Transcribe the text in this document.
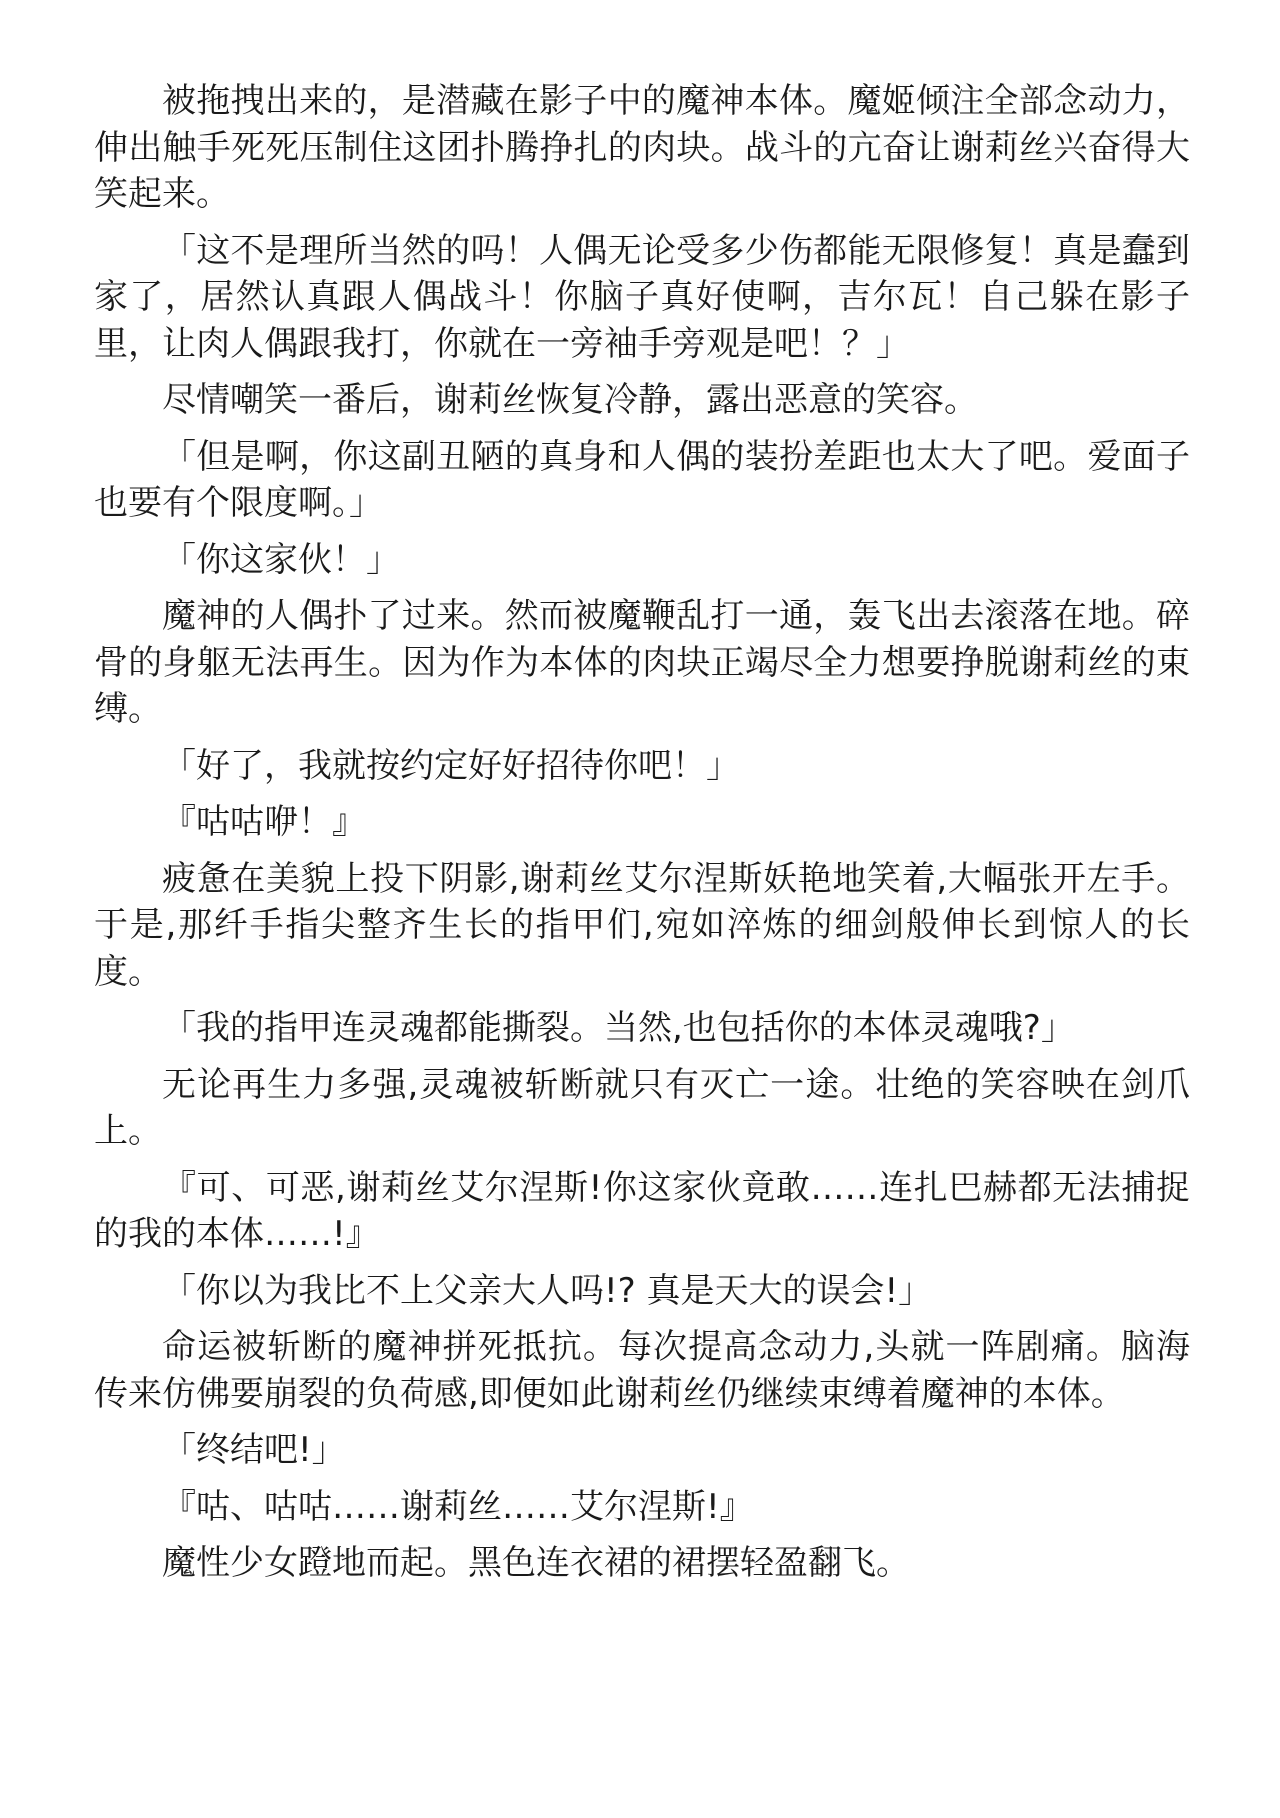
被拖拽出来的，是潜藏在影子中的魔神本体。魔姬倾注全部念动力，伸出触手死死压制住这团扑腾挣扎的肉块。战斗的亢奋让谢莉丝兴奋得大笑起来。

「这不是理所当然的吗！人偶无论受多少伤都能无限修复！真是蠢到家了，居然认真跟人偶战斗！你脑子真好使啊，吉尔瓦！自己躲在影子里，让肉人偶跟我打，你就在一旁袖手旁观是吧！？」

尽情嘲笑一番后，谢莉丝恢复冷静，露出恶意的笑容。

「但是啊，你这副丑陋的真身和人偶的装扮差距也太大了吧。爱面子也要有个限度啊。」

「你这家伙！」

魔神的人偶扑了过来。然而被魔鞭乱打一通，轰飞出去滚落在地。碎骨的身躯无法再生。因为作为本体的肉块正竭尽全力想要挣脱谢莉丝的束缚。

「好了，我就按约定好好招待你吧！」

『咕咕咿！』

疲惫在美貌上投下阴影,谢莉丝艾尔涅斯妖艳地笑着,大幅张开左手。于是,那纤手指尖整齐生长的指甲们,宛如淬炼的细剑般伸长到惊人的长度。

「我的指甲连灵魂都能撕裂。当然,也包括你的本体灵魂哦?」

无论再生力多强,灵魂被斩断就只有灭亡一途。壮绝的笑容映在剑爪上。

『可、可恶,谢莉丝艾尔涅斯!你这家伙竟敢……连扎巴赫都无法捕捉的我的本体……!』

「你以为我比不上父亲大人吗!? 真是天大的误会!」

命运被斩断的魔神拼死抵抗。每次提高念动力,头就一阵剧痛。脑海传来仿佛要崩裂的负荷感,即便如此谢莉丝仍继续束缚着魔神的本体。

「终结吧!」

『咕、咕咕……谢莉丝……艾尔涅斯!』

魔性少女蹬地而起。黑色连衣裙的裙摆轻盈翻飞。
